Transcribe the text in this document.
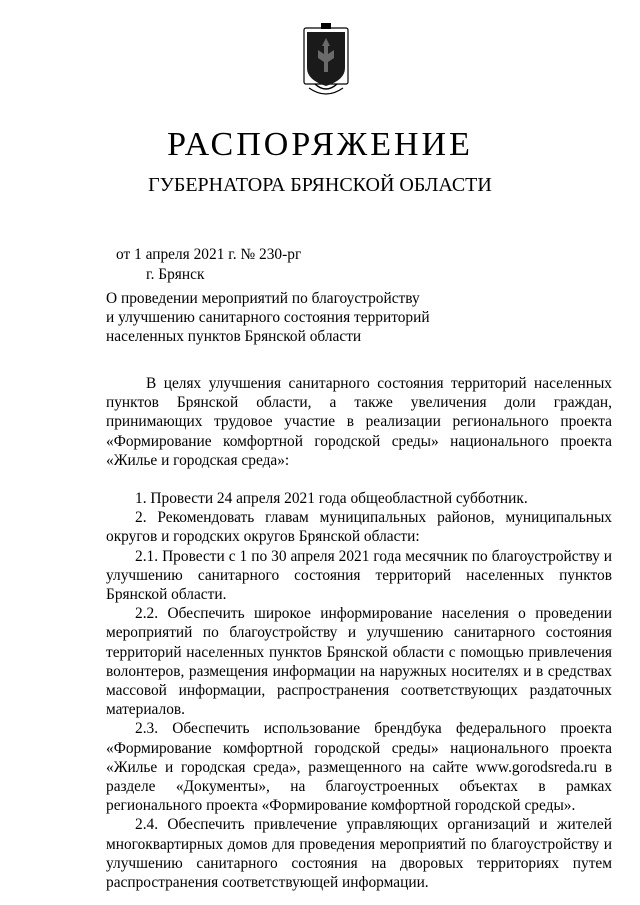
РАСПОРЯЖЕНИЕ
ГУБЕРНАТОРА БРЯНСКОЙ ОБЛАСТИ
от 1 апреля 2021 г. № 230-рг
г. Брянск
О проведении мероприятий по благоустройству
и улучшению санитарного состояния территорий
населенных пунктов Брянской области

В целях улучшения санитарного состояния территорий населенных пунктов Брянской области, а также увеличения доли граждан, принимающих трудовое участие в реализации регионального проекта «Формирование комфортной городской среды» национального проекта «Жилье и городская среда»:

1. Провести 24 апреля 2021 года общеобластной субботник.

2. Рекомендовать главам муниципальных районов, муниципальных округов и городских округов Брянской области:

2.1. Провести с 1 по 30 апреля 2021 года месячник по благоустройству и улучшению санитарного состояния территорий населенных пунктов Брянской области.

2.2. Обеспечить широкое информирование населения о проведении мероприятий по благоустройству и улучшению санитарного состояния территорий населенных пунктов Брянской области с помощью привлечения волонтеров, размещения информации на наружных носителях и в средствах массовой информации, распространения соответствующих раздаточных материалов.

2.3. Обеспечить использование брендбука федерального проекта «Формирование комфортной городской среды» национального проекта «Жилье и городская среда», размещенного на сайте www.gorodsreda.ru в разделе «Документы», на благоустроенных объектах в рамках регионального проекта «Формирование комфортной городской среды».

2.4. Обеспечить привлечение управляющих организаций и жителей многоквартирных домов для проведения мероприятий по благоустройству и улучшению санитарного состояния на дворовых территориях путем распространения соответствующей информации.
